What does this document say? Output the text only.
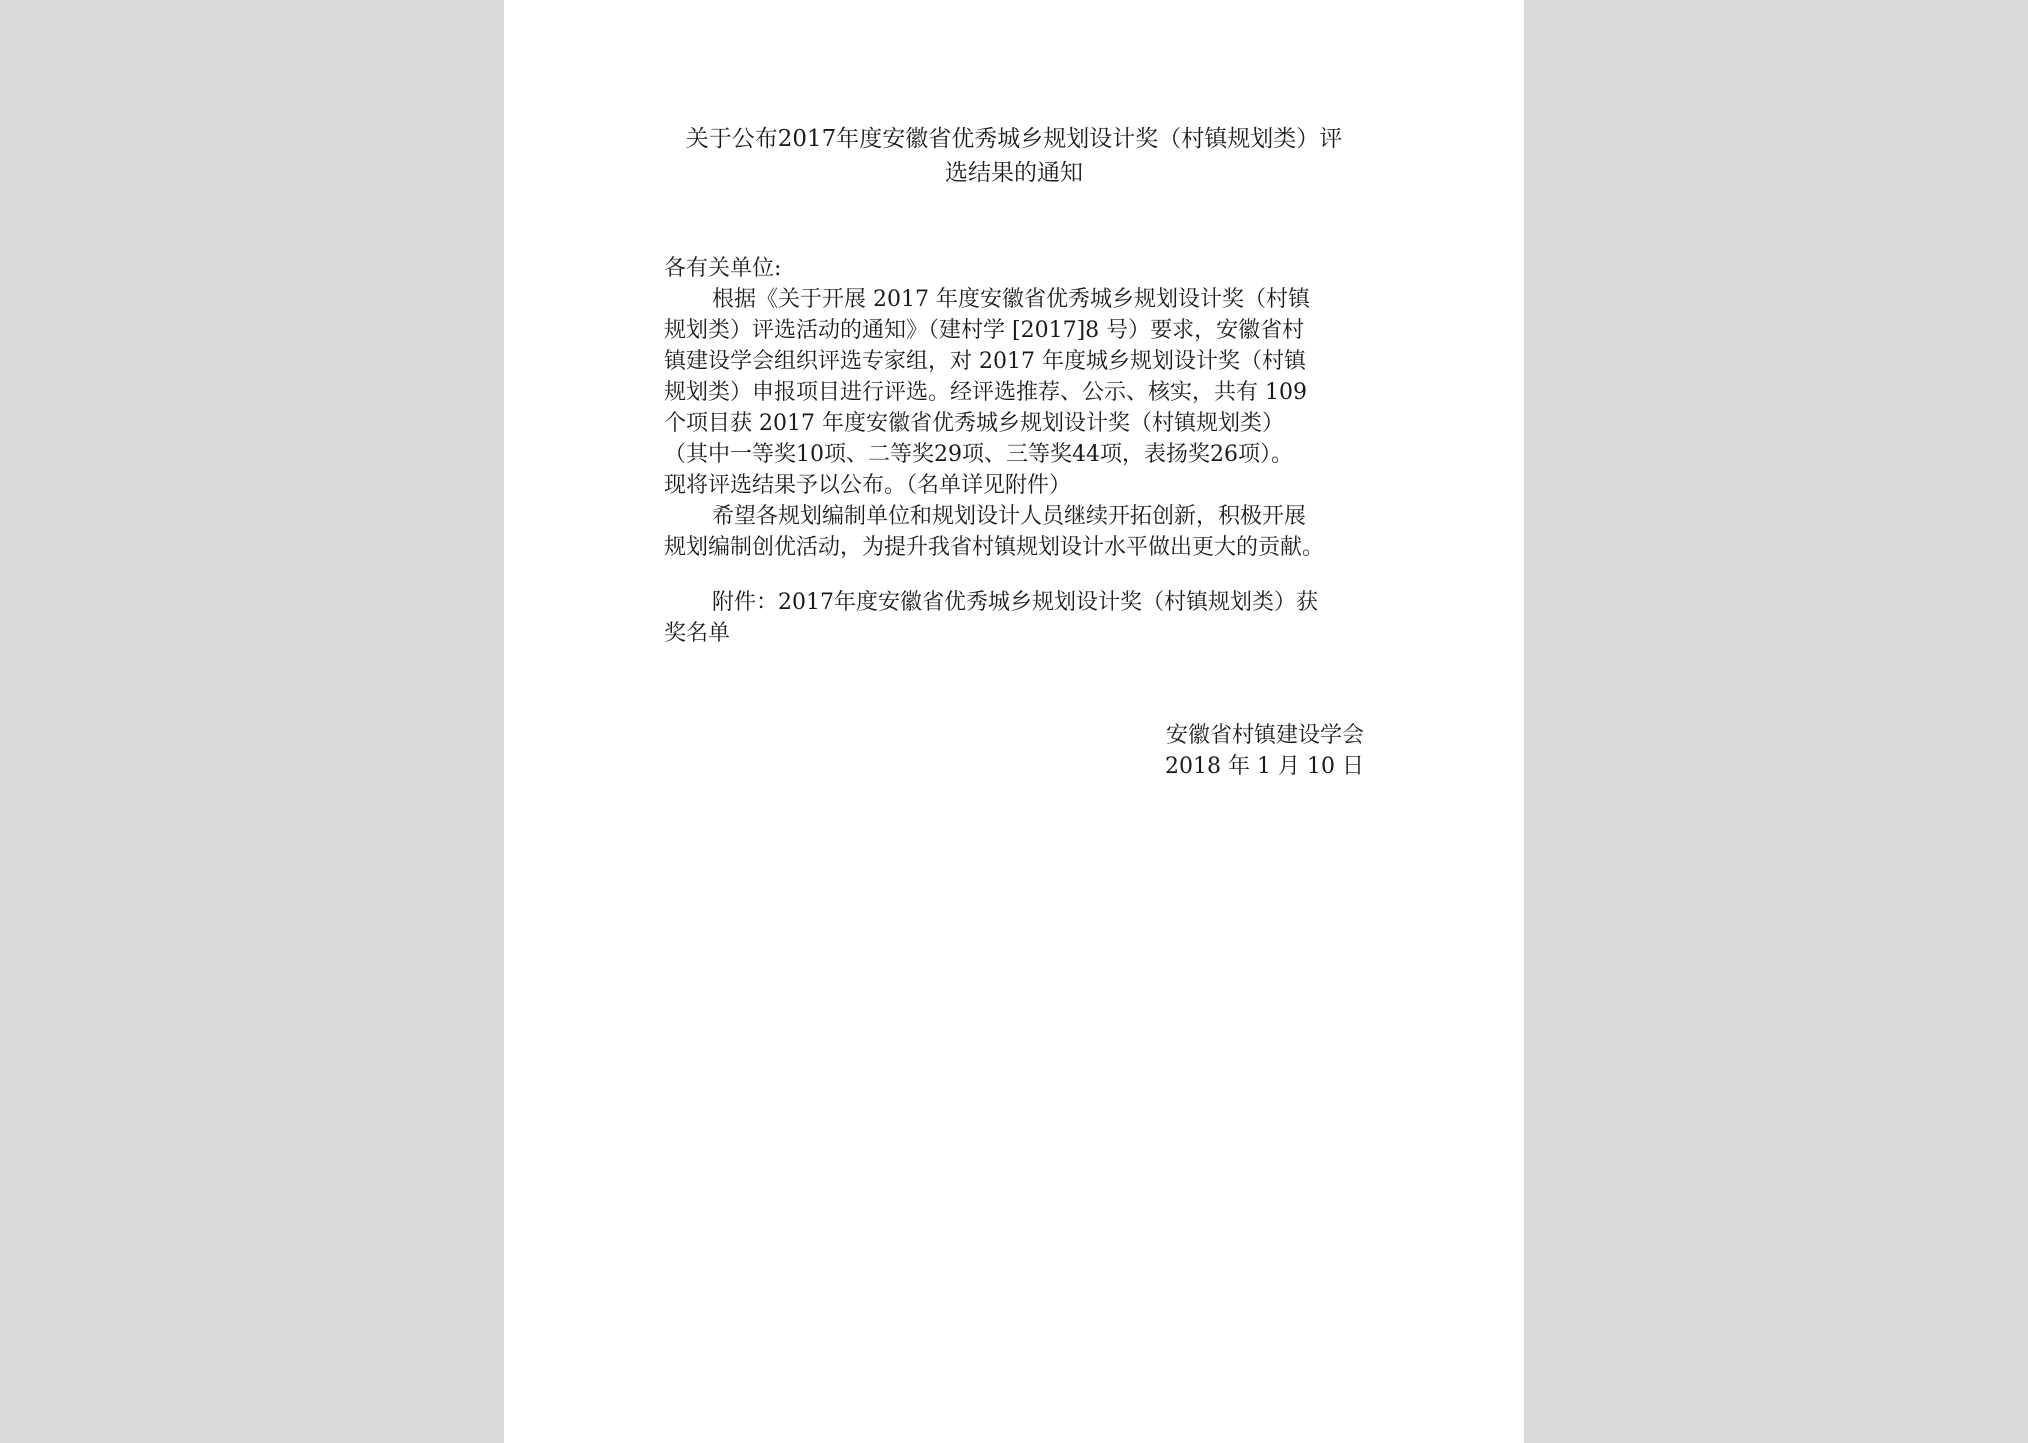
关于公布2017年度安徽省优秀城乡规划设计奖（村镇规划类）评
选结果的通知
各有关单位:
根据《关于开展 2017 年度安徽省优秀城乡规划设计奖（村镇
规划类）评选活动的通知》（建村学 [2017]8 号）要求，安徽省村
镇建设学会组织评选专家组，对 2017 年度城乡规划设计奖（村镇
规划类）申报项目进行评选。经评选推荐、公示、核实，共有 109
个项目获 2017 年度安徽省优秀城乡规划设计奖（村镇规划类）
（其中一等奖10项、二等奖29项、三等奖44项，表扬奖26项）。
现将评选结果予以公布。（名单详见附件）
希望各规划编制单位和规划设计人员继续开拓创新，积极开展
规划编制创优活动，为提升我省村镇规划设计水平做出更大的贡献。
附件：2017年度安徽省优秀城乡规划设计奖（村镇规划类）获
奖名单
安徽省村镇建设学会
2018 年 1 月 10 日
